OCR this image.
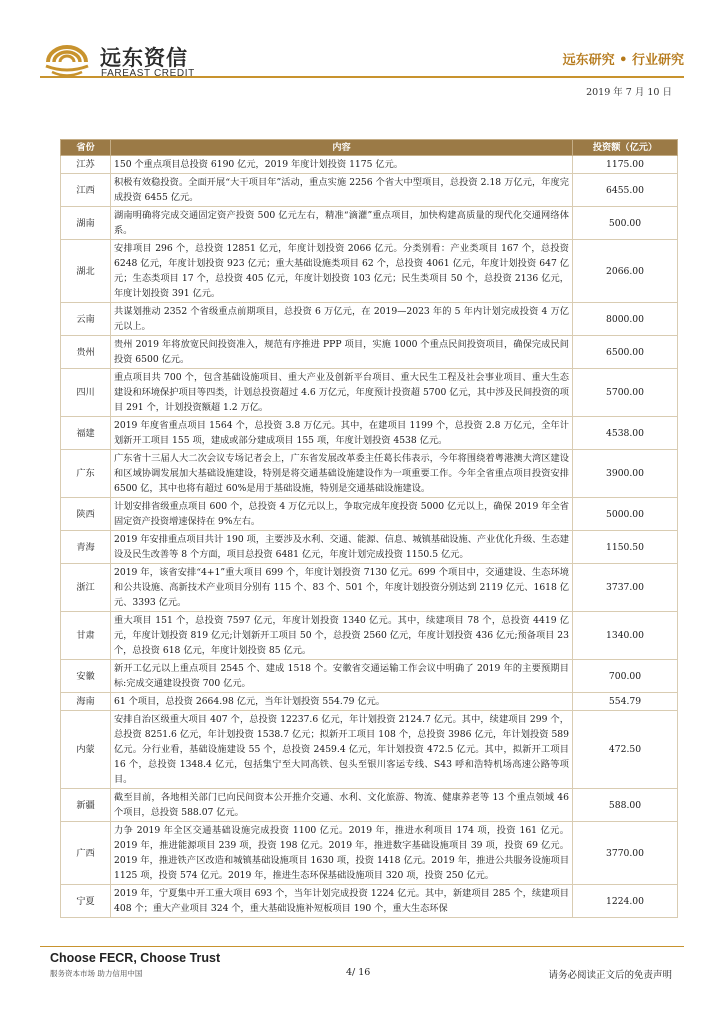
远东资信
FAREAST CREDIT
远东研究 • 行业研究
2019 年 7 月 10 日
省份	内容	投资额（亿元）
江苏	150 个重点项目总投资 6190 亿元，2019 年度计划投资 1175 亿元。	1175.00
江西	积极有效稳投资。全面开展“大干项目年”活动，重点实施 2256 个省大中型项目，总投资 2.18 万亿元，年度完成投资 6455 亿元。	6455.00
湖南	湖南明确将完成交通固定资产投资 500 亿元左右，精准“滴灌”重点项目，加快构建高质量的现代化交通网络体系。	500.00
湖北	安排项目 296 个，总投资 12851 亿元，年度计划投资 2066 亿元。分类别看：产业类项目 167 个，总投资 6248 亿元，年度计划投资 923 亿元；重大基础设施类项目 62 个，总投资 4061 亿元，年度计划投资 647 亿元；生态类项目 17 个，总投资 405 亿元，年度计划投资 103 亿元；民生类项目 50 个，总投资 2136 亿元，年度计划投资 391 亿元。	2066.00
云南	共谋划推动 2352 个省级重点前期项目，总投资 6 万亿元，在 2019—2023 年的 5 年内计划完成投资 4 万亿元以上。	8000.00
贵州	贵州 2019 年将放宽民间投资准入，规范有序推进 PPP 项目，实施 1000 个重点民间投资项目，确保完成民间投资 6500 亿元。	6500.00
四川	重点项目共 700 个，包含基础设施项目、重大产业及创新平台项目、重大民生工程及社会事业项目、重大生态建设和环境保护项目等四类，计划总投资超过 4.6 万亿元，年度预计投资超 5700 亿元，其中涉及民间投资的项目 291 个，计划投资额超 1.2 万亿。	5700.00
福建	2019 年度省重点项目 1564 个，总投资 3.8 万亿元。其中，在建项目 1199 个，总投资 2.8 万亿元，全年计划新开工项目 155 项，建成或部分建成项目 155 项，年度计划投资 4538 亿元。	4538.00
广东	广东省十三届人大二次会议专场记者会上，广东省发展改革委主任葛长伟表示，今年将围绕着粤港澳大湾区建设和区域协调发展加大基础设施建设，特别是将交通基础设施建设作为一项重要工作。今年全省重点项目投资安排 6500 亿，其中也将有超过 60%是用于基础设施，特别是交通基础设施建设。	3900.00
陕西	计划安排省级重点项目 600 个，总投资 4 万亿元以上，争取完成年度投资 5000 亿元以上，确保 2019 年全省固定资产投资增速保持在 9%左右。	5000.00
青海	2019 年安排重点项目共计 190 项，主要涉及水利、交通、能源、信息、城镇基础设施、产业优化升级、生态建设及民生改善等 8 个方面，项目总投资 6481 亿元，年度计划完成投资 1150.5 亿元。	1150.50
浙江	2019 年，该省安排“4+1”重大项目 699 个，年度计划投资 7130 亿元。699 个项目中，交通建设、生态环境和公共设施、高新技术产业项目分别有 115 个、83 个、501 个，年度计划投资分别达到 2119 亿元、1618 亿元、3393 亿元。	3737.00
甘肃	重大项目 151 个，总投资 7597 亿元，年度计划投资 1340 亿元。其中，续建项目 78 个，总投资 4419 亿元，年度计划投资 819 亿元;计划新开工项目 50 个，总投资 2560 亿元，年度计划投资 436 亿元;预备项目 23 个，总投资 618 亿元，年度计划投资 85 亿元。	1340.00
安徽	新开工亿元以上重点项目 2545 个、建成 1518 个。安徽省交通运输工作会议中明确了 2019 年的主要预期目标:完成交通建设投资 700 亿元。	700.00
海南	61 个项目，总投资 2664.98 亿元，当年计划投资 554.79 亿元。	554.79
内蒙	安排自治区级重大项目 407 个，总投资 12237.6 亿元，年计划投资 2124.7 亿元。其中，续建项目 299 个，总投资 8251.6 亿元，年计划投资 1538.7 亿元；拟新开工项目 108 个，总投资 3986 亿元，年计划投资 589 亿元。分行业看，基础设施建设 55 个，总投资 2459.4 亿元，年计划投资 472.5 亿元。其中，拟新开工项目 16 个，总投资 1348.4 亿元，包括集宁至大同高铁、包头至银川客运专线、S43 呼和浩特机场高速公路等项目。	472.50
新疆	截至目前，各地相关部门已向民间资本公开推介交通、水利、文化旅游、物流、健康养老等 13 个重点领域 46 个项目，总投资 588.07 亿元。	588.00
广西	力争 2019 年全区交通基础设施完成投资 1100 亿元。2019 年，推进水利项目 174 项，投资 161 亿元。2019 年，推进能源项目 239 项，投资 198 亿元。2019 年，推进数字基础设施项目 39 项，投资 69 亿元。2019 年，推进铁产区改造和城镇基础设施项目 1630 项，投资 1418 亿元。2019 年，推进公共服务设施项目 1125 项，投资 574 亿元。2019 年，推进生态环保基础设施项目 320 项，投资 250 亿元。	3770.00
宁夏	2019 年，宁夏集中开工重大项目 693 个，当年计划完成投资 1224 亿元。其中，新建项目 285 个，续建项目 408 个；重大产业项目 324 个，重大基础设施补短板项目 190 个，重大生态环保	1224.00
Choose FECR, Choose Trust
服务资本市场 助力信用中国	4/ 16	请务必阅读正文后的免责声明
